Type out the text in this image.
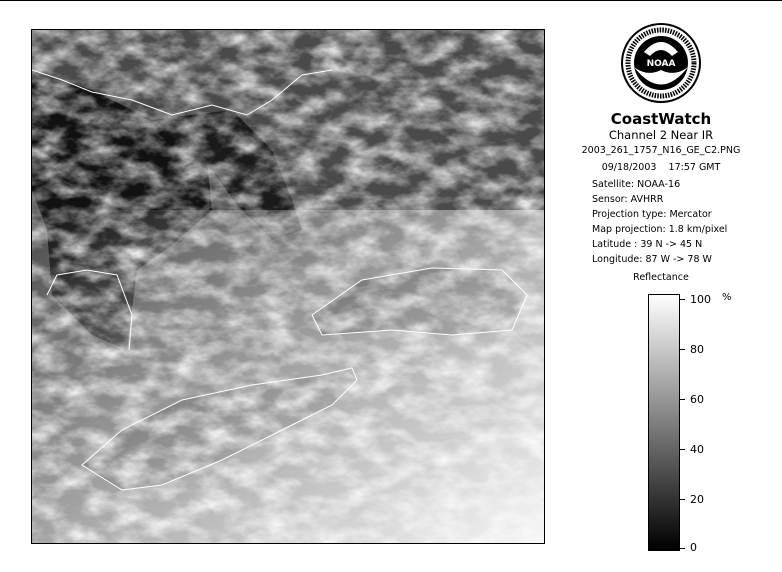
NOAA
CoastWatch
Channel 2 Near IR
2003_261_1757_N16_GE_C2.PNG
09/18/2003 17:57 GMT
Satellite: NOAA-16
Sensor: AVHRR
Projection type: Mercator
Map projection: 1.8 km/pixel
Latitude : 39 N -> 45 N
Longitude: 87 W -> 78 W
Reflectance
%
100
80
60
40
20
0
